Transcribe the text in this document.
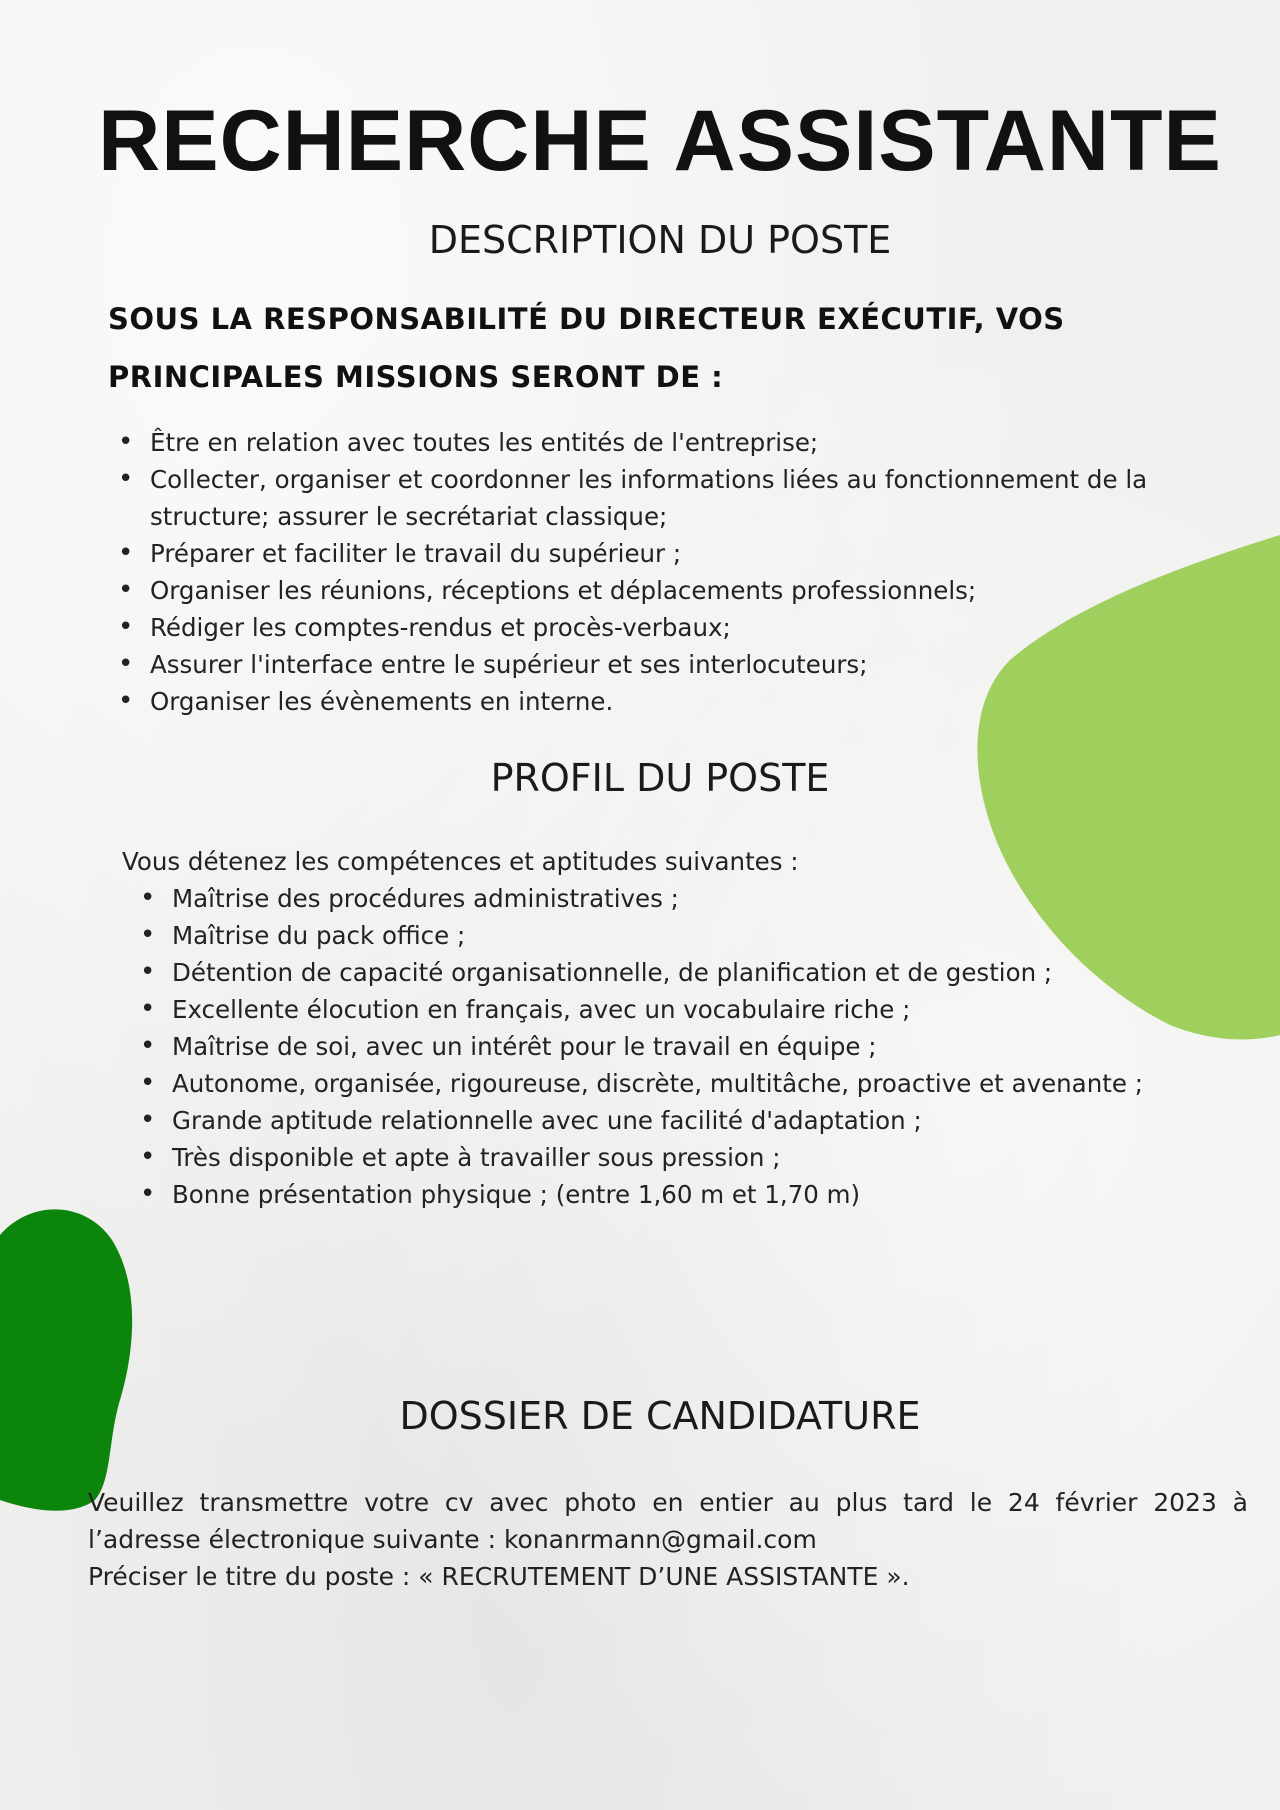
RECHERCHE ASSISTANTE
DESCRIPTION DU POSTE

SOUS LA RESPONSABILITÉ DU DIRECTEUR EXÉCUTIF, VOS PRINCIPALES MISSIONS SERONT DE :

• Être en relation avec toutes les entités de l'entreprise;
• Collecter, organiser et coordonner les informations liées au fonctionnement de la structure; assurer le secrétariat classique;
• Préparer et faciliter le travail du supérieur ;
• Organiser les réunions, réceptions et déplacements professionnels;
• Rédiger les comptes-rendus et procès-verbaux;
• Assurer l'interface entre le supérieur et ses interlocuteurs;
• Organiser les évènements en interne.
PROFIL DU POSTE

Vous détenez les compétences et aptitudes suivantes :

• Maîtrise des procédures administratives ;
• Maîtrise du pack office ;
• Détention de capacité organisationnelle, de planification et de gestion ;
• Excellente élocution en français, avec un vocabulaire riche ;
• Maîtrise de soi, avec un intérêt pour le travail en équipe ;
• Autonome, organisée, rigoureuse, discrète, multitâche, proactive et avenante ;
• Grande aptitude relationnelle avec une facilité d'adaptation ;
• Très disponible et apte à travailler sous pression ;
• Bonne présentation physique ; (entre 1,60 m et 1,70 m)
DOSSIER DE CANDIDATURE
Veuillez transmettre votre cv avec photo en entier au plus tard le 24 février 2023 à l’adresse électronique suivante : konanrmann@gmail.com
Préciser le titre du poste : « RECRUTEMENT D’UNE ASSISTANTE ».
